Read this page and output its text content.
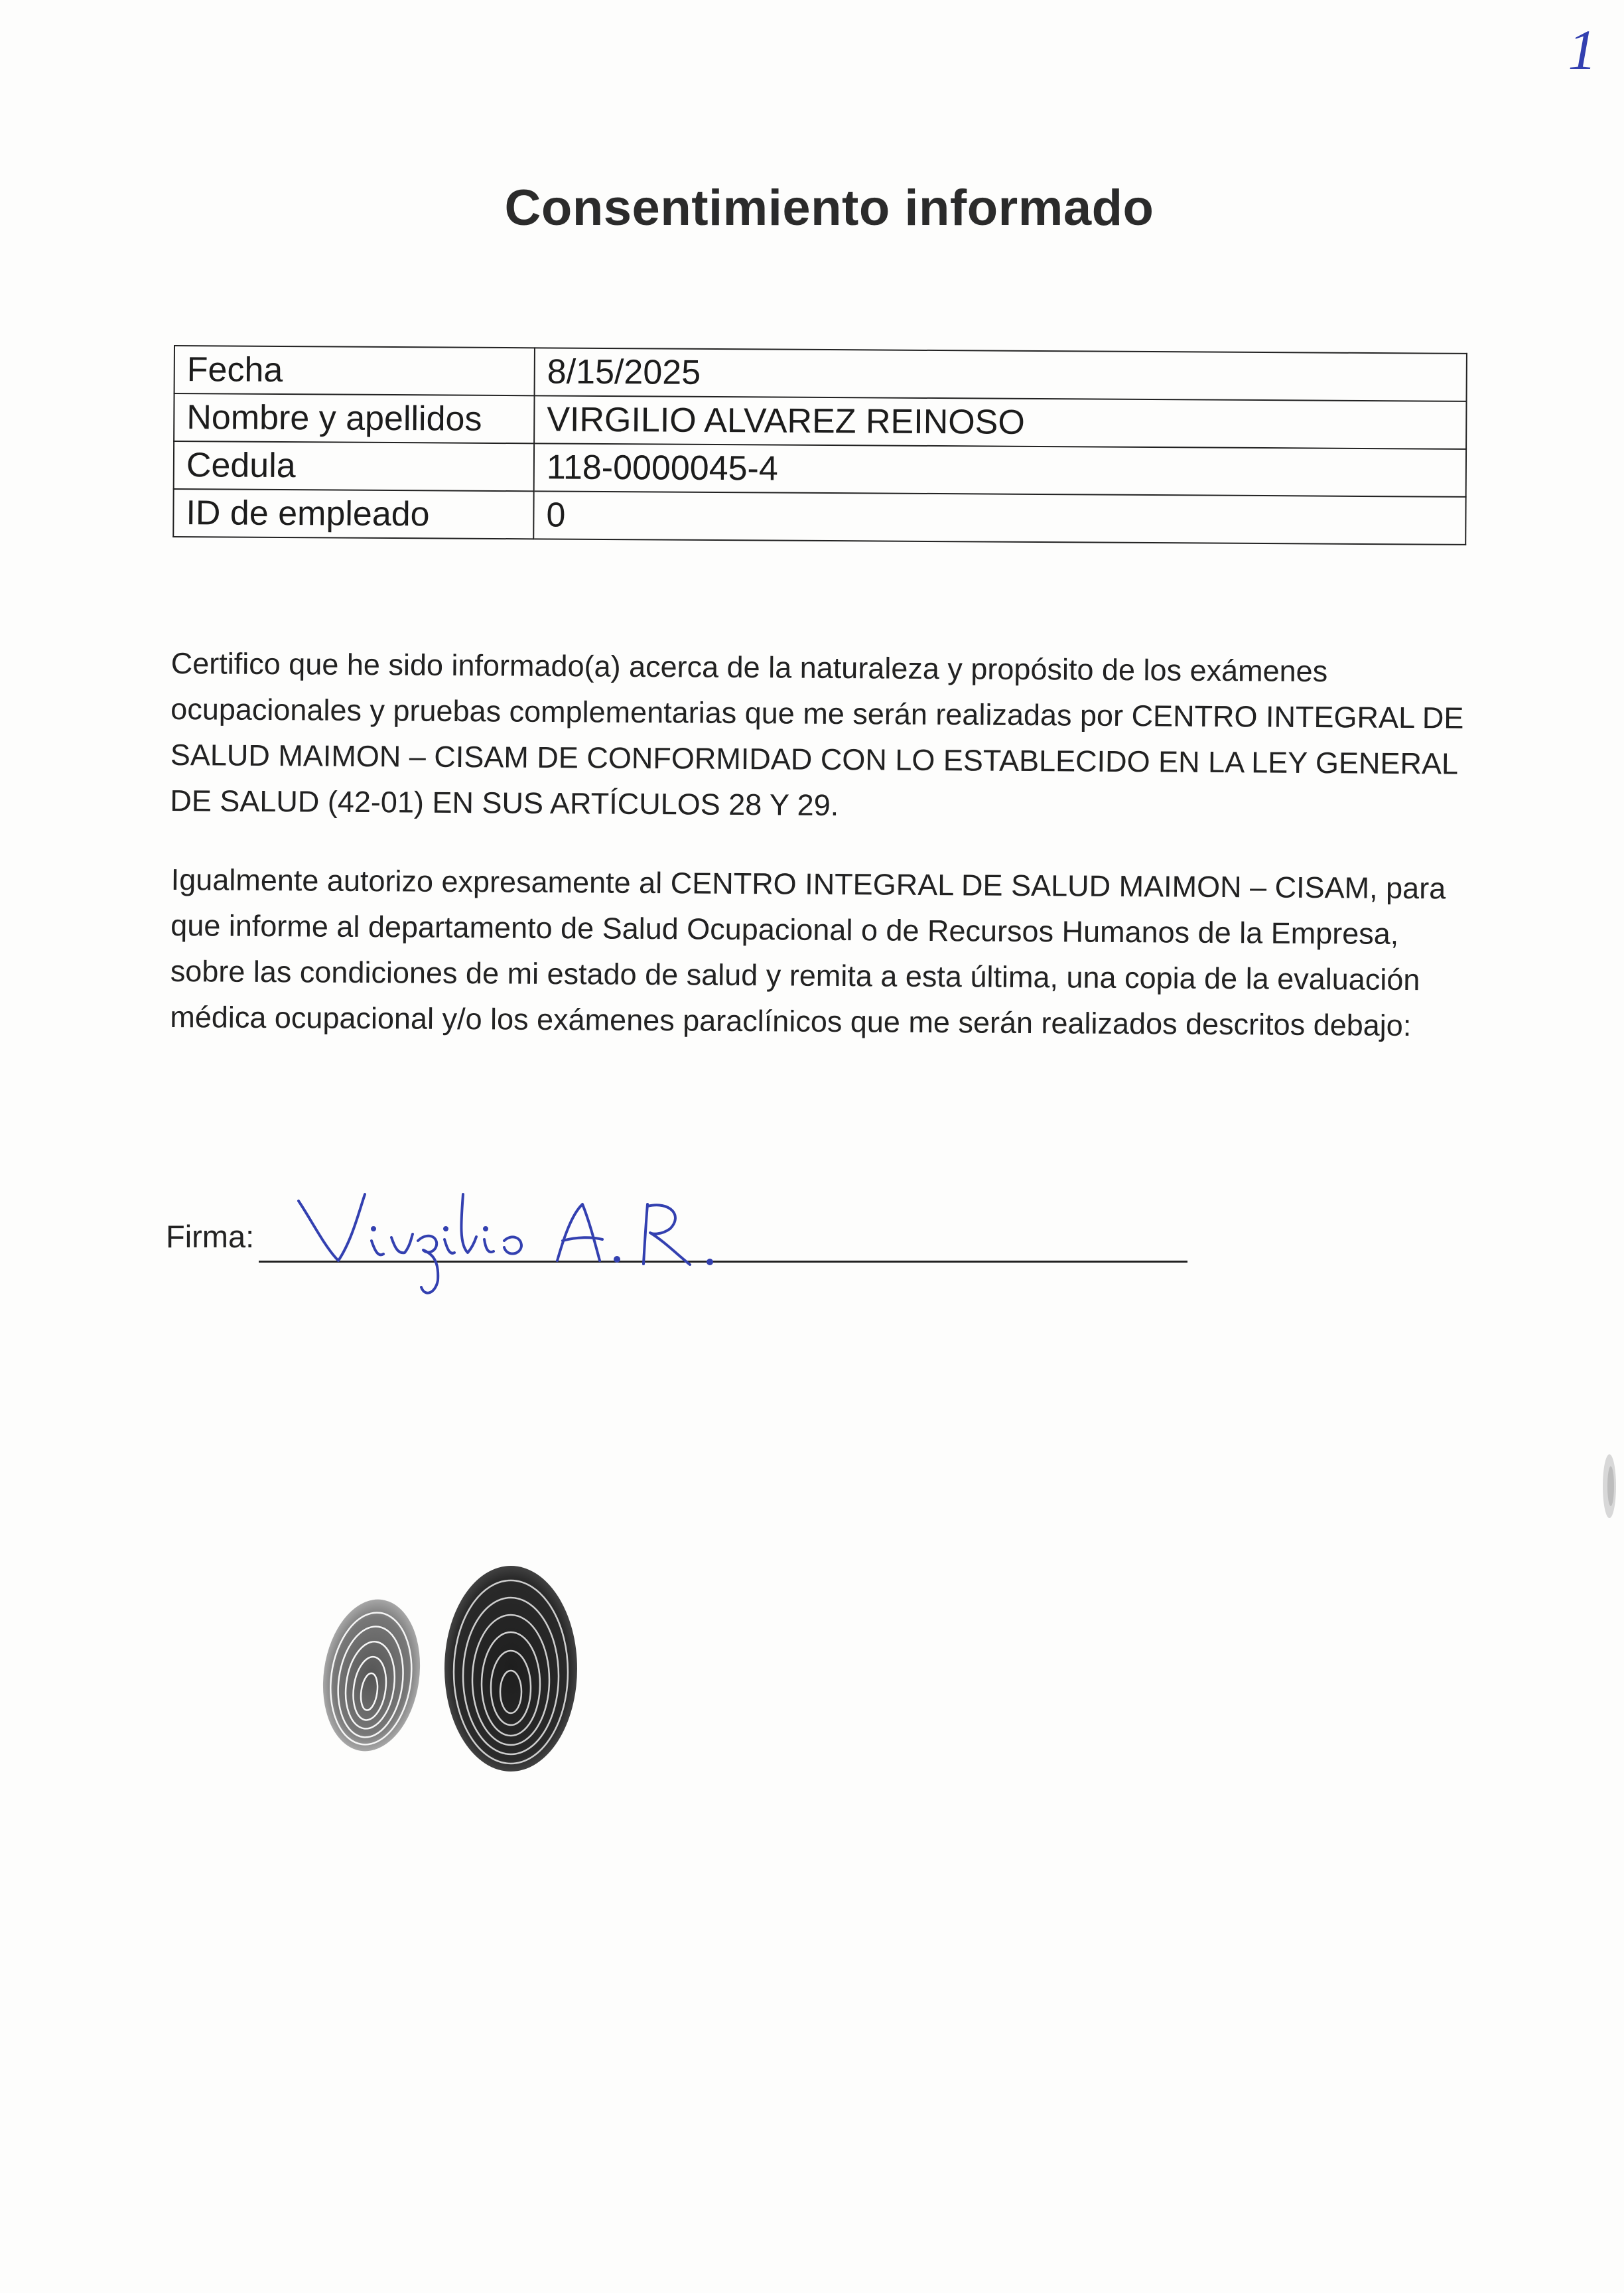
1
Consentimiento informado
Fecha	8/15/2025
Nombre y apellidos	VIRGILIO ALVAREZ REINOSO
Cedula	118-0000045-4
ID de empleado	0

Certifico que he sido informado(a) acerca de la naturaleza y propósito de los exámenes ocupacionales y pruebas complementarias que me serán realizadas por CENTRO INTEGRAL DE SALUD MAIMON – CISAM DE CONFORMIDAD CON LO ESTABLECIDO EN LA LEY GENERAL DE SALUD (42-01) EN SUS ARTÍCULOS 28 Y 29.

Igualmente autorizo expresamente al CENTRO INTEGRAL DE SALUD MAIMON – CISAM, para que informe al departamento de Salud Ocupacional o de Recursos Humanos de la Empresa, sobre las condiciones de mi estado de salud y remita a esta última, una copia de la evaluación médica ocupacional y/o los exámenes paraclínicos que me serán realizados descritos debajo:

Firma:
